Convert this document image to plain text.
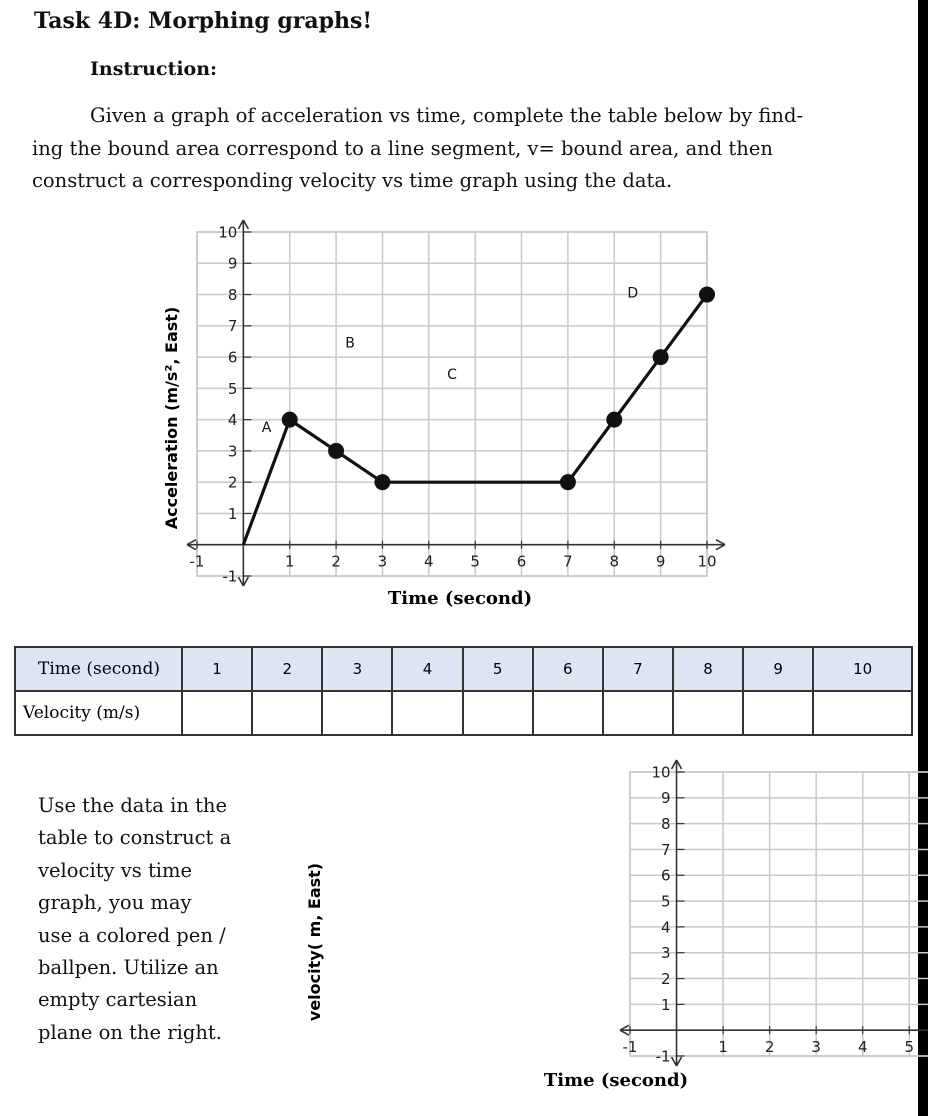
Task 4D: Morphing graphs!
Instruction:
Given a graph of acceleration vs time, complete the table below by find-
ing the bound area correspond to a line segment, v= bound area, and then
construct a corresponding velocity vs time graph using the data.
-1	1 2 3 4 5 6 7 8 9 10
-1
1
2
3
4
5
6
7
8
9
10
A
B
C
D
Time (second)
Acceleration (m/s², East)
Time (second)	1	2	3	4	5	6	7	8	9	10
Velocity (m/s)										
Use the data in the
table to construct a
velocity vs time
graph, you may
use a colored pen /
ballpen. Utilize an
empty cartesian
plane on the right.
-1	1 2 3 4 5
-1
1
2
3
4
5
6
7
8
9
10
Time (second)
velocity( m, East)
